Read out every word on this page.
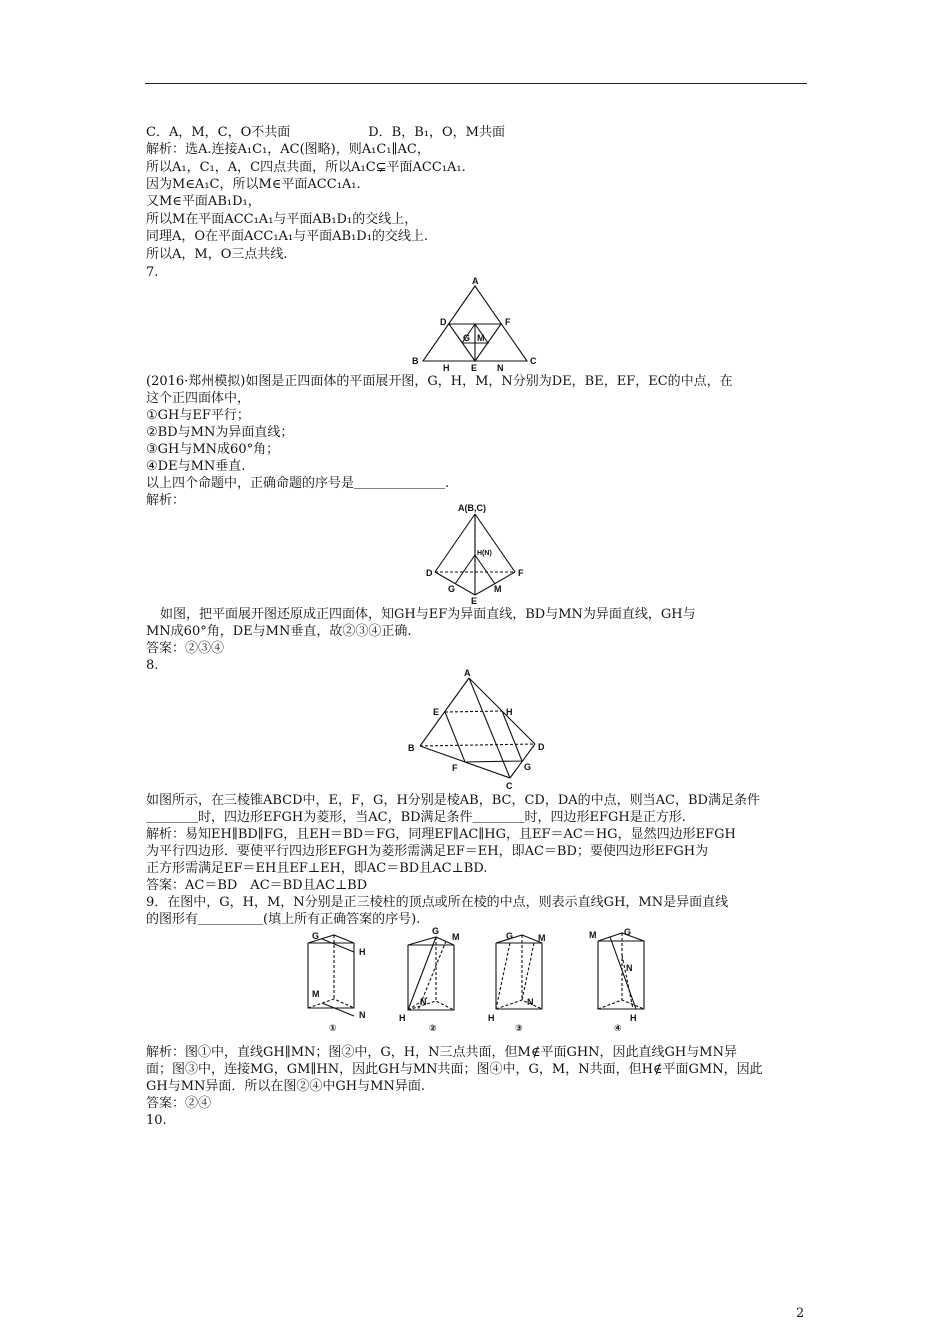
C．A，M，C，O不共面　　　　　　D．B，B₁，O，M共面
解析：选A.连接A₁C₁，AC(图略)，则A₁C₁∥AC，
所以A₁，C₁，A，C四点共面，所以A₁C⊊平面ACC₁A₁.
因为M∈A₁C，所以M∈平面ACC₁A₁.
又M∈平面AB₁D₁，
所以M在平面ACC₁A₁与平面AB₁D₁的交线上，
同理A，O在平面ACC₁A₁与平面AB₁D₁的交线上.
所以A，M，O三点共线.
7.
A
D	F
G M
B	C
H E N
(2016·郑州模拟)如图是正四面体的平面展开图，G，H，M，N分别为DE，BE，EF，EC的中点，在
这个正四面体中，
①GH与EF平行；
②BD与MN为异面直线；
③GH与MN成60°角；
④DE与MN垂直.
以上四个命题中，正确命题的序号是＿＿＿＿＿＿＿.
解析：	A(B,C)
H(N)
D	F
G	M
E
如图，把平面展开图还原成正四面体，知GH与EF为异面直线，BD与MN为异面直线，GH与
MN成60°角，DE与MN垂直，故②③④正确.
答案：②③④
8.	A
E	H
B	D
F	G
C
如图所示，在三棱锥ABCD中，E，F，G，H分别是棱AB，BC，CD，DA的中点，则当AC，BD满足条件
＿＿＿＿时，四边形EFGH为菱形，当AC，BD满足条件＿＿＿＿时，四边形EFGH是正方形.
解析：易知EH∥BD∥FG，且EH＝BD＝FG，同理EF∥AC∥HG，且EF＝AC＝HG，显然四边形EFGH
为平行四边形．要使平行四边形EFGH为菱形需满足EF＝EH，即AC＝BD；要使四边形EFGH为
正方形需满足EF＝EH且EF⊥EH，即AC＝BD且AC⊥BD.
答案：AC＝BD　AC＝BD且AC⊥BD
9．在图中，G，H，M，N分别是正三棱柱的顶点或所在棱的中点，则表示直线GH，MN是异面直线
的图形有＿＿＿＿＿(填上所有正确答案的序号).
G
H
M
N
①
G
M
N
H
②
G	M
N
H
③
M	G
N
H
④
解析：图①中，直线GH∥MN；图②中，G，H，N三点共面，但M∉平面GHN，因此直线GH与MN异
面；图③中，连接MG，GM∥HN，因此GH与MN共面；图④中，G，M，N共面，但H∉平面GMN，因此
GH与MN异面．所以在图②④中GH与MN异面.
答案：②④
10.
2
